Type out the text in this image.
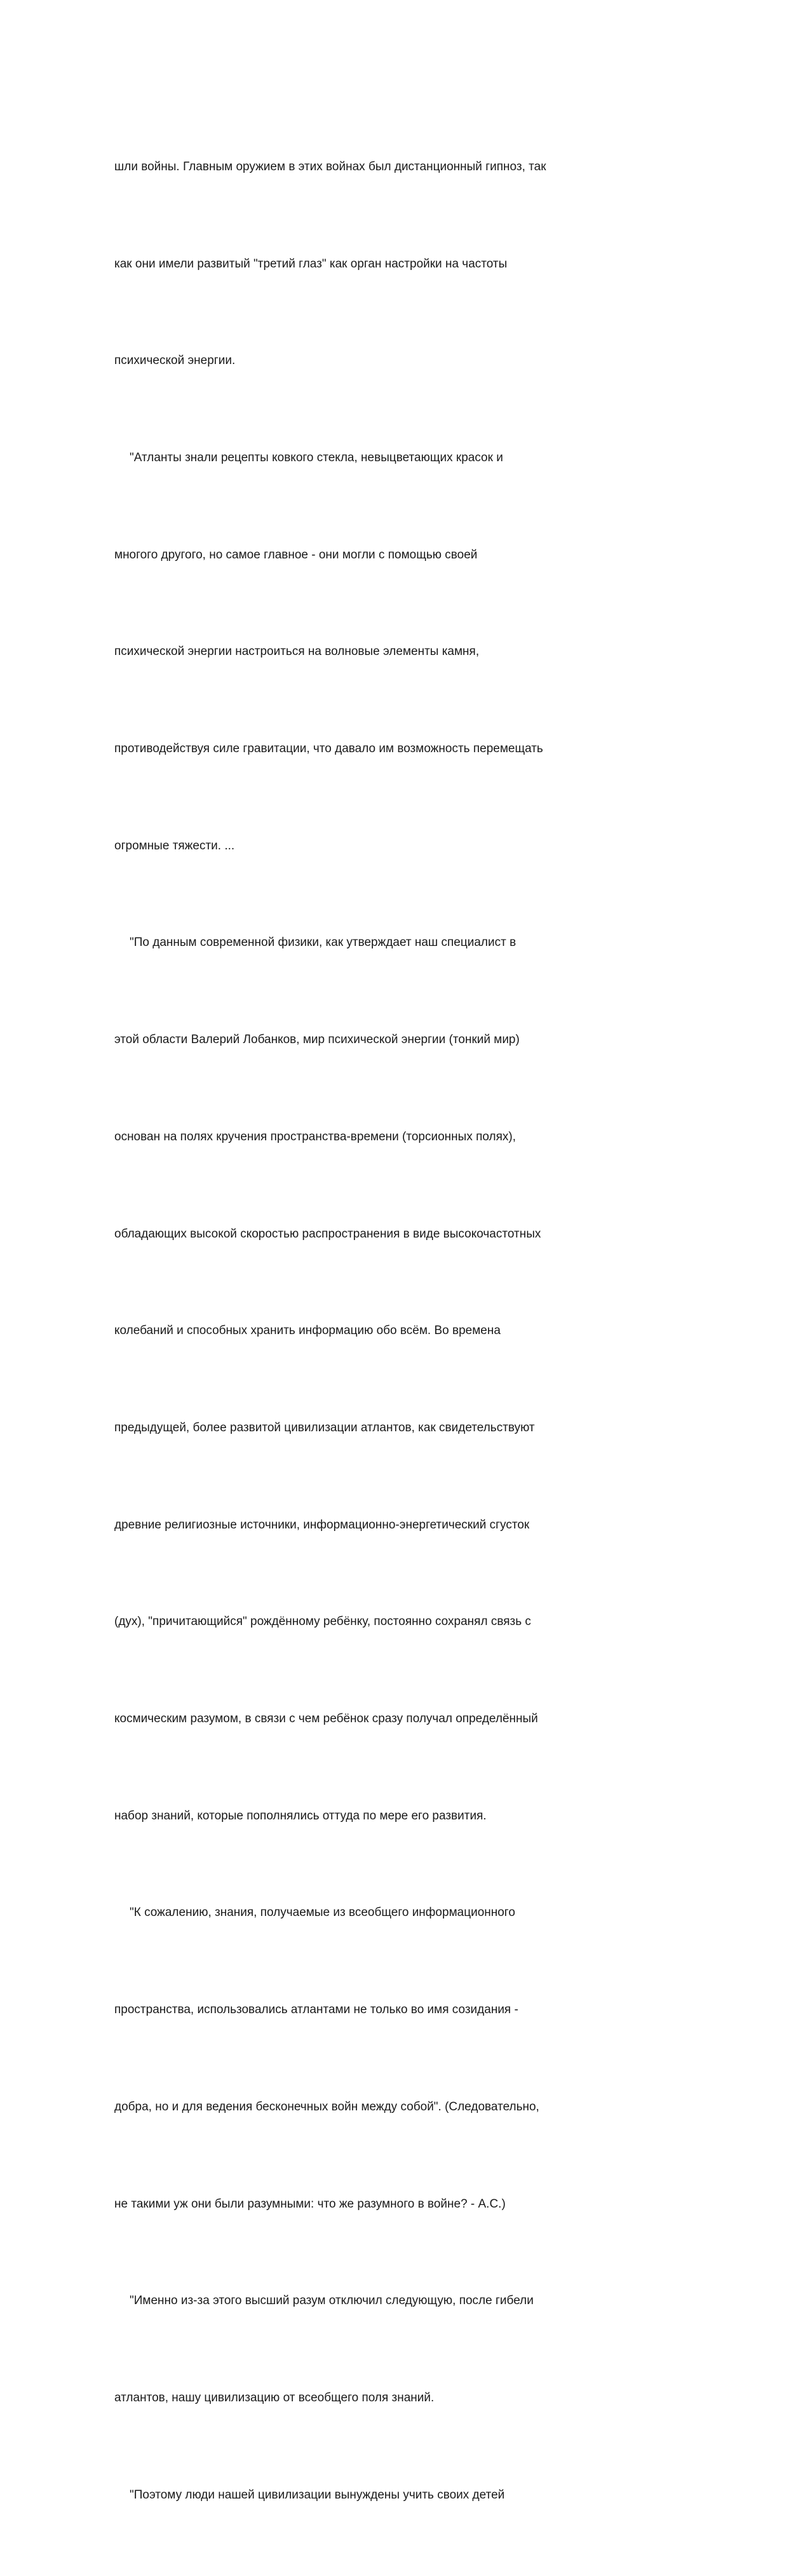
шли войны. Главным оружием в этих войнах был дистанционный гипноз, так

как они имели развитый "третий глаз" как орган настройки на частоты

психической энергии.

"Атланты знали рецепты ковкого стекла, невыцветающих красок и

многого другого, но самое главное - они могли с помощью своей

психической энергии настроиться на волновые элементы камня,

противодействуя силе гравитации, что давало им возможность перемещать

огромные тяжести. ...

"По данным современной физики, как утверждает наш специалист в

этой области Валерий Лобанков, мир психической энергии (тонкий мир)

основан на полях кручения пространства-времени (торсионных полях),

обладающих высокой скоростью распространения в виде высокочастотных

колебаний и способных хранить информацию обо всём. Во времена

предыдущей, более развитой цивилизации атлантов, как свидетельствуют

древние религиозные источники, информационно-энергетический сгусток

(дух), "причитающийся" рождённому ребёнку, постоянно сохранял связь с

космическим разумом, в связи с чем ребёнок сразу получал определённый

набор знаний, которые пополнялись оттуда по мере его развития.

"К сожалению, знания, получаемые из всеобщего информационного

пространства, использовались атлантами не только во имя созидания -

добра, но и для ведения бесконечных войн между собой". (Следовательно,

не такими уж они были разумными: что же разумного в войне? - А.С.)

"Именно из-за этого высший разум отключил следующую, после гибели

атлантов, нашу цивилизацию от всеобщего поля знаний.

"Поэтому люди нашей цивилизации вынуждены учить своих детей
